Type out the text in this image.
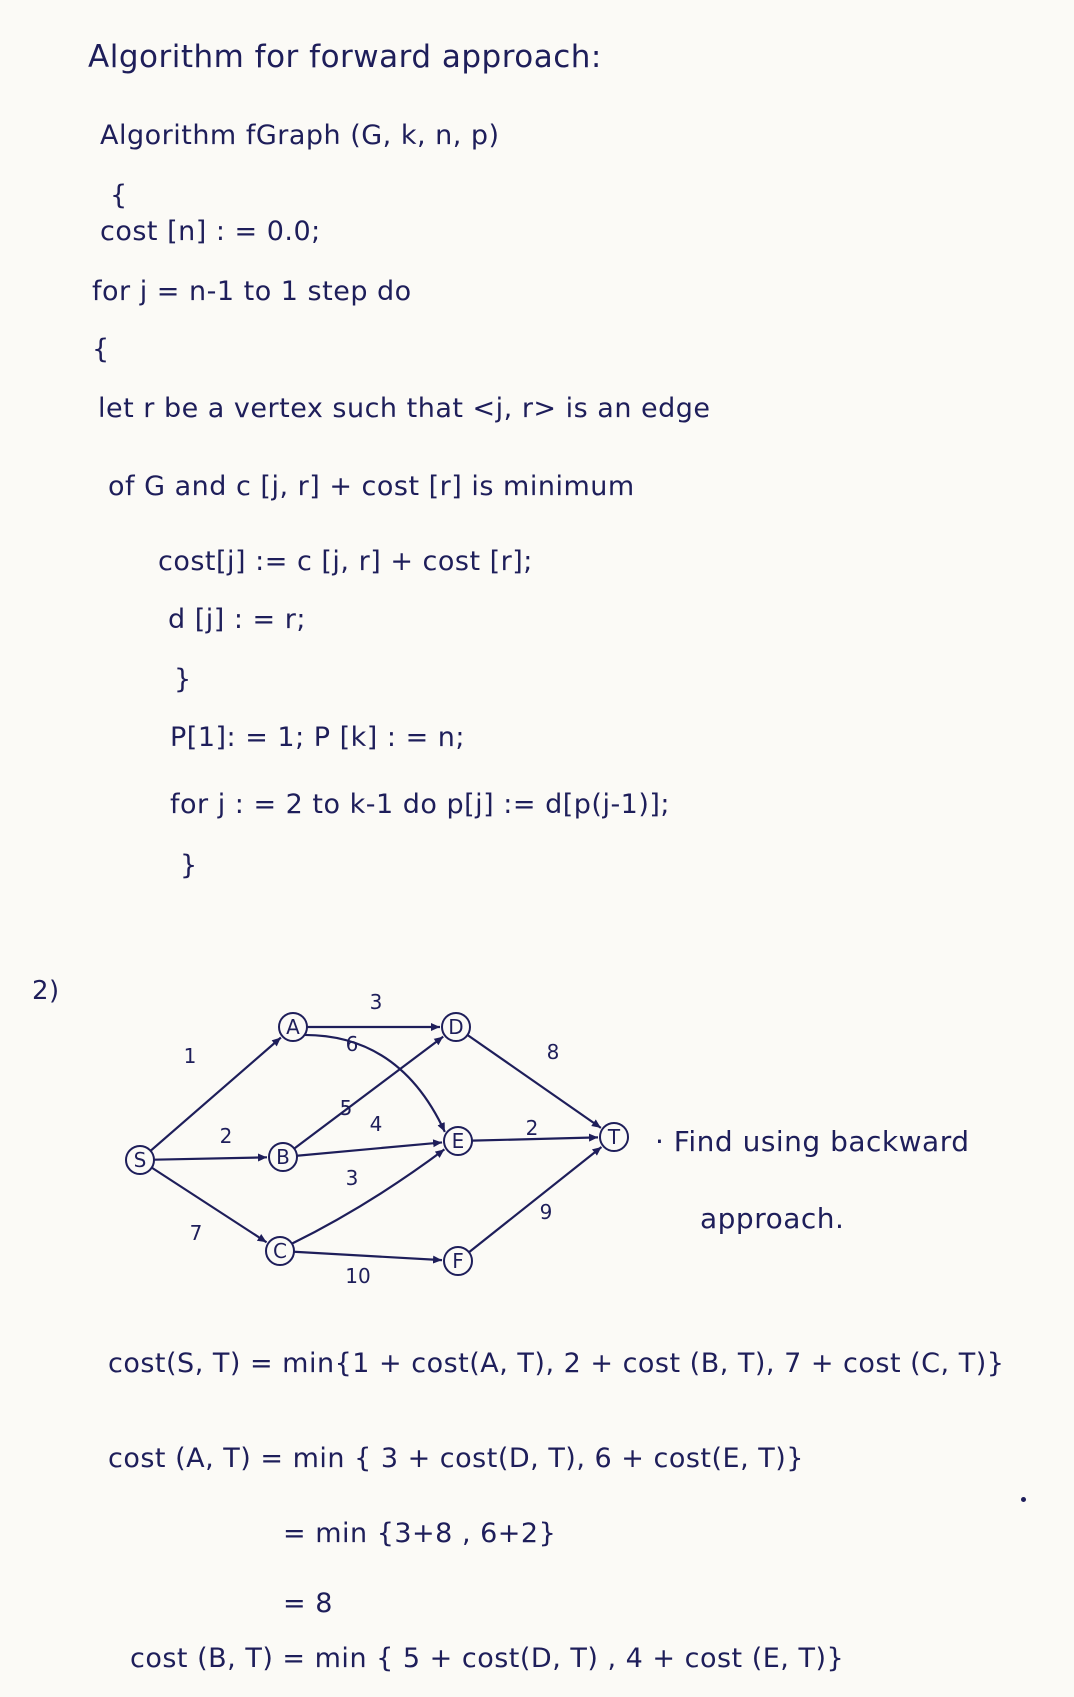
Algorithm for forward approach:
Algorithm fGraph (G, k, n, p)
{
cost [n] : = 0.0;
for j = n-1 to 1 step do
{
let r be a vertex such that <j, r> is an edge
of G and c [j, r] + cost [r] is minimum
cost[j] := c [j, r] + cost [r];
d [j] : = r;
}
P[1]: = 1; P [k] : = n;
for j : = 2 to k-1 do p[j] := d[p(j-1)];
}
2)
1
2
7
3
6
5
4
3
10
8
2
9
S
A
B
C
D
E
F
T · Find using backward
approach.
cost(S, T) = min{1 + cost(A, T), 2 + cost (B, T), 7 + cost (C, T)}
cost (A, T) = min { 3 + cost(D, T), 6 + cost(E, T)}
= min {3+8 , 6+2}
= 8
cost (B, T) = min { 5 + cost(D, T) , 4 + cost (E, T)}
